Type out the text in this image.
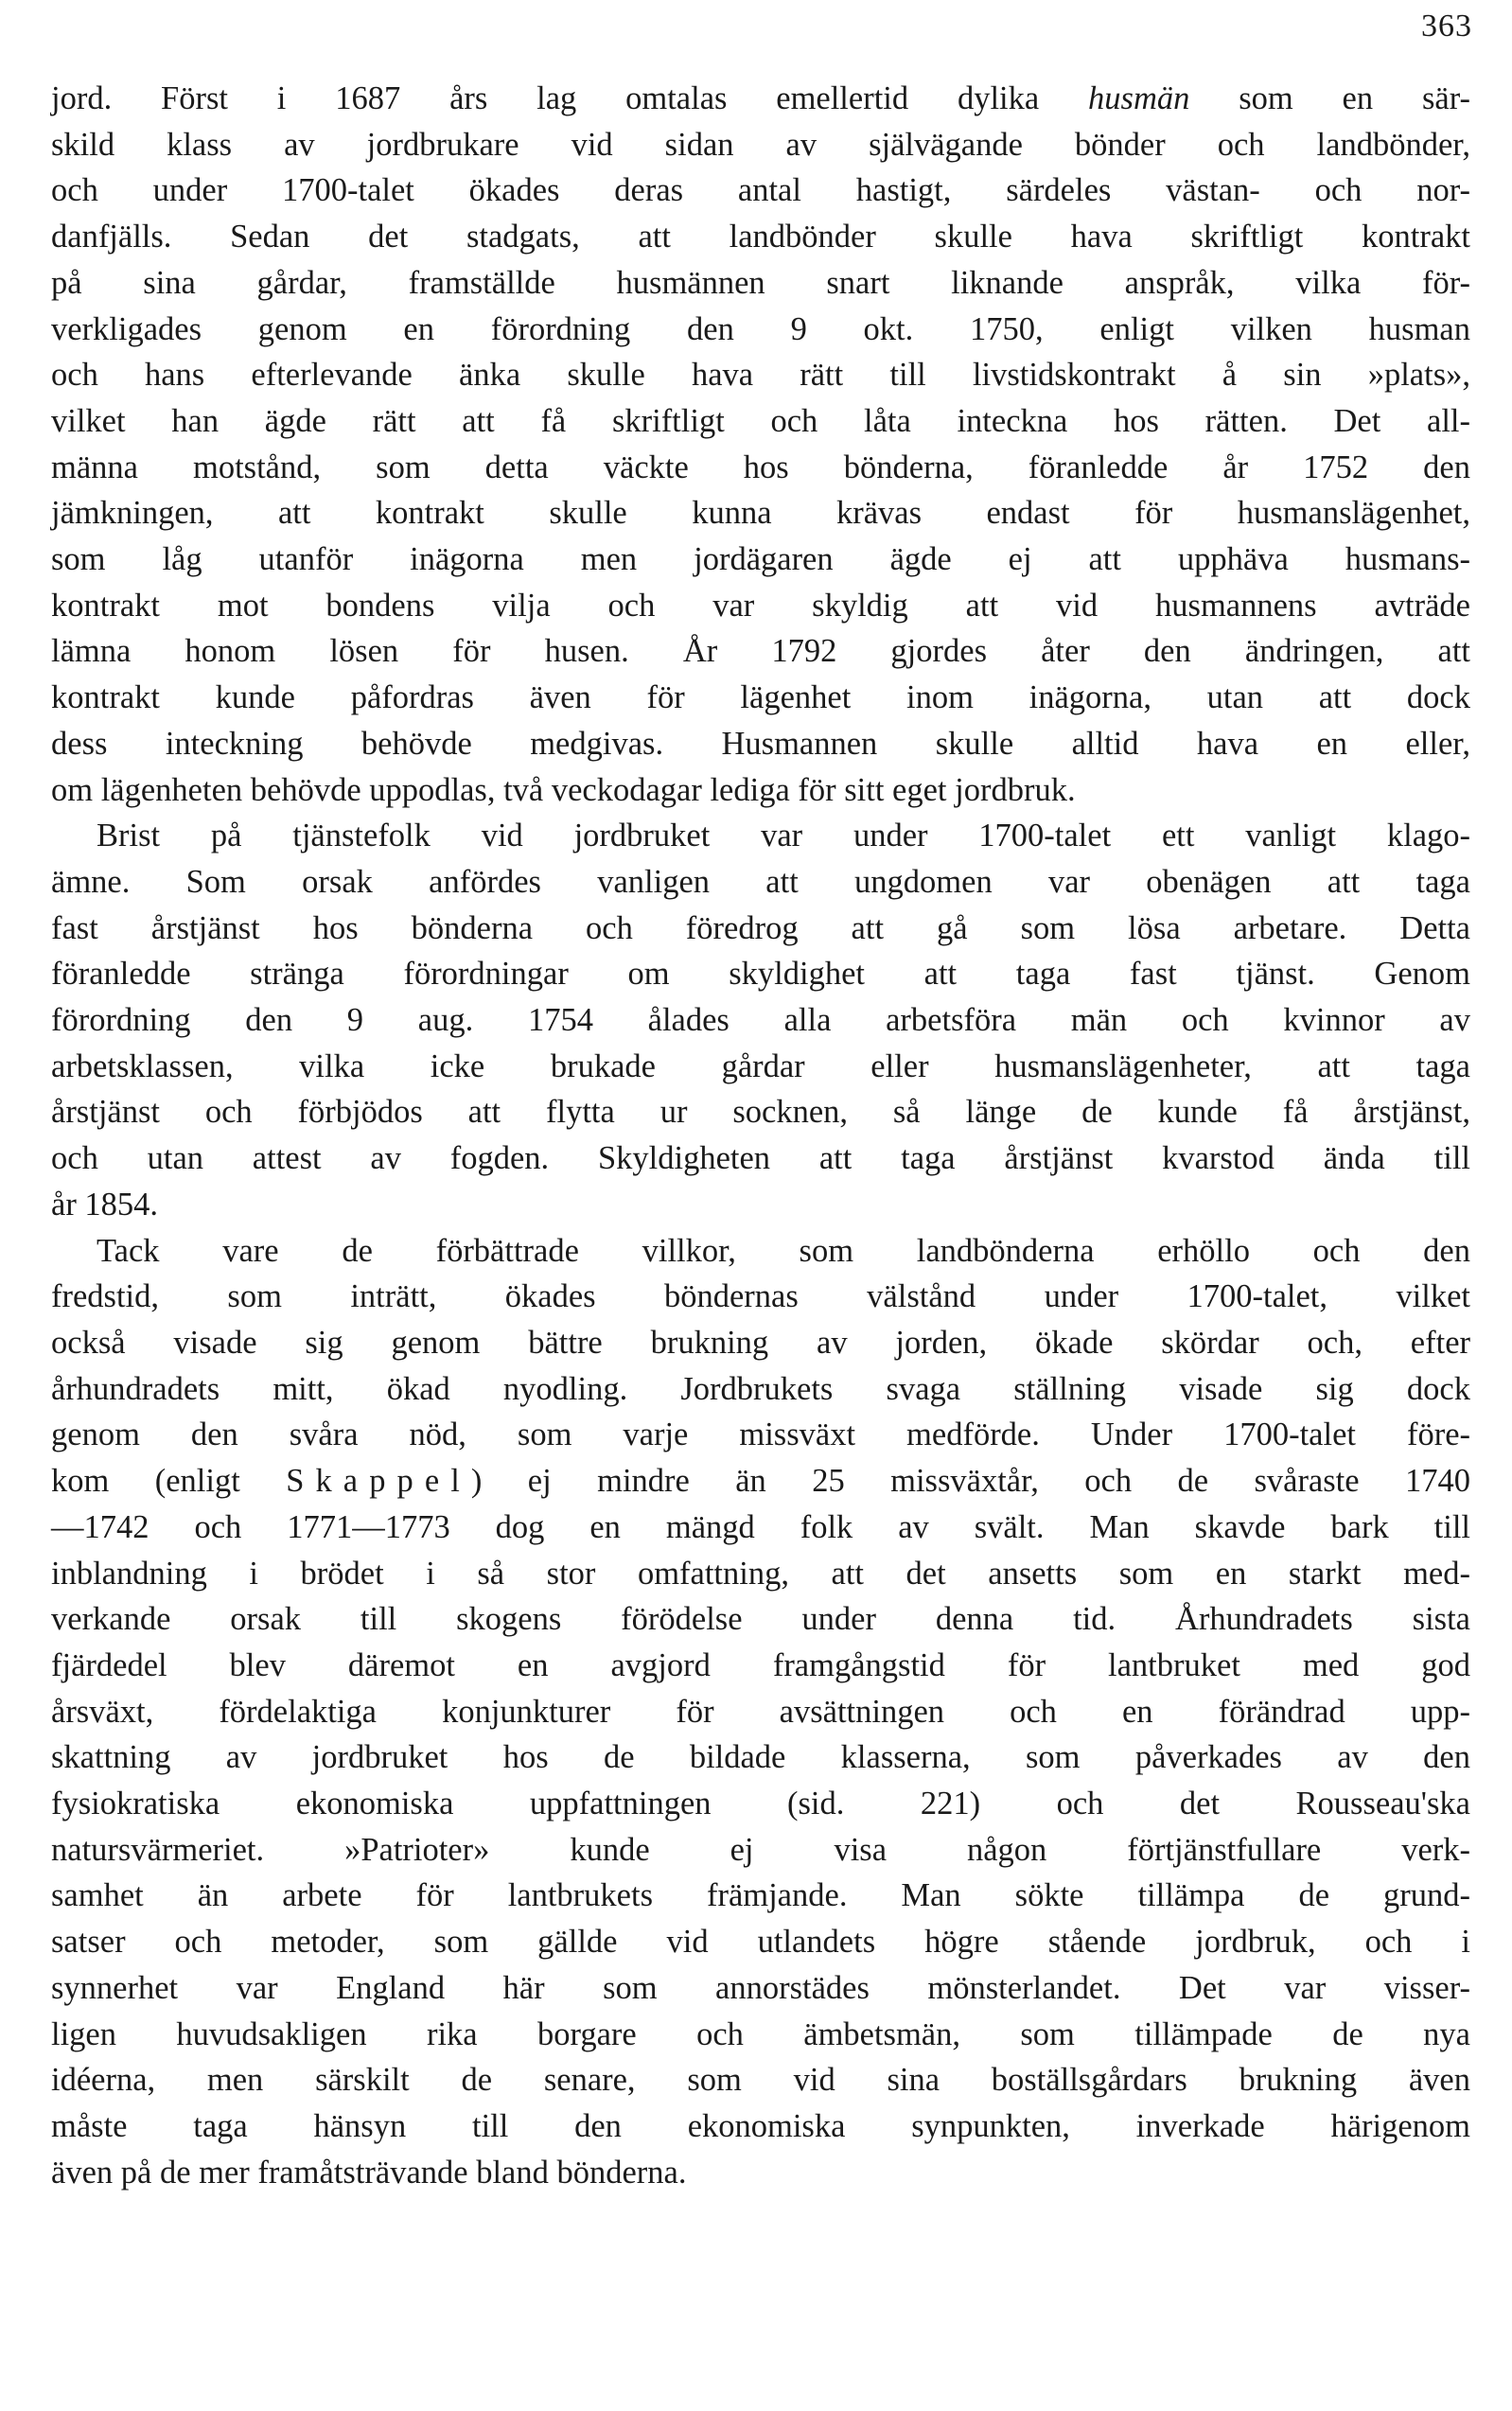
363
jord. Först i 1687 års lag omtalas emellertid dylika husmän som en sär-
skild klass av jordbrukare vid sidan av självägande bönder och landbönder,
och under 1700-talet ökades deras antal hastigt, särdeles västan- och nor-
danfjälls. Sedan det stadgats, att landbönder skulle hava skriftligt kontrakt
på sina gårdar, framställde husmännen snart liknande anspråk, vilka för-
verkligades genom en förordning den 9 okt. 1750, enligt vilken husman
och hans efterlevande änka skulle hava rätt till livstidskontrakt å sin »plats»,
vilket han ägde rätt att få skriftligt och låta inteckna hos rätten. Det all-
männa motstånd, som detta väckte hos bönderna, föranledde år 1752 den
jämkningen, att kontrakt skulle kunna krävas endast för husmanslägenhet,
som låg utanför inägorna men jordägaren ägde ej att upphäva husmans-
kontrakt mot bondens vilja och var skyldig att vid husmannens avträde
lämna honom lösen för husen. År 1792 gjordes åter den ändringen, att
kontrakt kunde påfordras även för lägenhet inom inägorna, utan att dock
dess inteckning behövde medgivas. Husmannen skulle alltid hava en eller,
om lägenheten behövde uppodlas, två veckodagar lediga för sitt eget jordbruk.
Brist på tjänstefolk vid jordbruket var under 1700-talet ett vanligt klago-
ämne. Som orsak anfördes vanligen att ungdomen var obenägen att taga
fast årstjänst hos bönderna och föredrog att gå som lösa arbetare. Detta
föranledde stränga förordningar om skyldighet att taga fast tjänst. Genom
förordning den 9 aug. 1754 ålades alla arbetsföra män och kvinnor av
arbetsklassen, vilka icke brukade gårdar eller husmanslägenheter, att taga
årstjänst och förbjödos att flytta ur socknen, så länge de kunde få årstjänst,
och utan attest av fogden. Skyldigheten att taga årstjänst kvarstod ända till
år 1854.
Tack vare de förbättrade villkor, som landbönderna erhöllo och den
fredstid, som inträtt, ökades böndernas välstånd under 1700-talet, vilket
också visade sig genom bättre brukning av jorden, ökade skördar och, efter
århundradets mitt, ökad nyodling. Jordbrukets svaga ställning visade sig dock
genom den svåra nöd, som varje missväxt medförde. Under 1700-talet före-
kom (enligt Skappel) ej mindre än 25 missväxtår, och de svåraste 1740
—1742 och 1771—1773 dog en mängd folk av svält. Man skavde bark till
inblandning i brödet i så stor omfattning, att det ansetts som en starkt med-
verkande orsak till skogens förödelse under denna tid. Århundradets sista
fjärdedel blev däremot en avgjord framgångstid för lantbruket med god
årsväxt, fördelaktiga konjunkturer för avsättningen och en förändrad upp-
skattning av jordbruket hos de bildade klasserna, som påverkades av den
fysiokratiska ekonomiska uppfattningen (sid. 221) och det Rousseau'ska
natursvärmeriet. »Patrioter» kunde ej visa någon förtjänstfullare verk-
samhet än arbete för lantbrukets främjande. Man sökte tillämpa de grund-
satser och metoder, som gällde vid utlandets högre stående jordbruk, och i
synnerhet var England här som annorstädes mönsterlandet. Det var visser-
ligen huvudsakligen rika borgare och ämbetsmän, som tillämpade de nya
idéerna, men särskilt de senare, som vid sina boställsgårdars brukning även
måste taga hänsyn till den ekonomiska synpunkten, inverkade härigenom
även på de mer framåtsträvande bland bönderna.
